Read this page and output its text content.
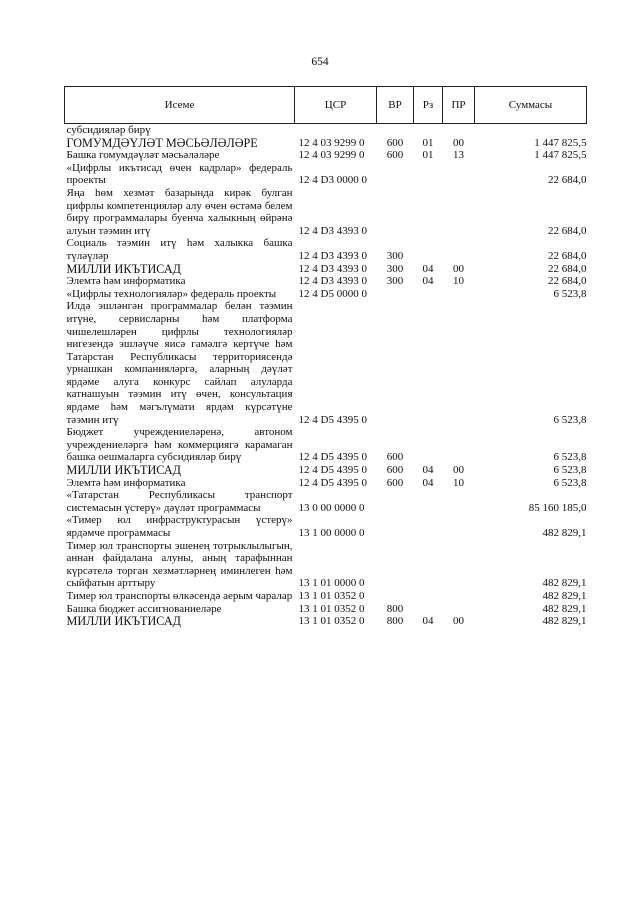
654
Исеме	ЦСР	ВР	Рз	ПР	Суммасы
субсидияләр бирү					
ГОМУМДӘҮЛӘТ МӘСЬӘЛӘЛӘРЕ	12 4 03 9299 0	600	01	00	1 447 825,5
Башка гомумдәүләт мәсьәләләре	12 4 03 9299 0	600	01	13	1 447 825,5
«Цифрлы икътисад өчен кадрлар» федераль проекты	12 4 D3 0000 0				22 684,0
Яңа һөм хезмәт базарында кирәк булган цифрлы компетенцияләр алу өчен өстәмә белем бирү программалары буенча халыкның өйрәнә алуын тәэмин итү	12 4 D3 4393 0				22 684,0
Социаль тәэмин итү һәм халыкка башка түләүләр	12 4 D3 4393 0	300			22 684,0
МИЛЛИ ИКЪТИСАД	12 4 D3 4393 0	300	04	00	22 684,0
Элемтә һәм информатика	12 4 D3 4393 0	300	04	10	22 684,0
«Цифрлы технологияләр» федераль проекты	12 4 D5 0000 0				6 523,8
Илдә эшләнгән программалар белән тәэмин итүне, сервисларны һәм платформа чишелешләрен цифрлы технологияләр нигезендә эшләүче яисә гамәлгә кертүче һәм Татарстан Республикасы территориясендә урнашкан компанияләргә, аларның дәүләт ярдәме алуга конкурс сайлап алуларда катнашуын тәэмин итү өчен, консультация ярдәме һәм мәгълүмати ярдәм күрсәтүне тәэмин итү	12 4 D5 4395 0				6 523,8
Бюджет учреждениеләренә, автоном учреждениеләргә һәм коммерциягә карамаган башка оешмаларга субсидияләр бирү	12 4 D5 4395 0	600			6 523,8
МИЛЛИ ИКЪТИСАД	12 4 D5 4395 0	600	04	00	6 523,8
Элемтә һәм информатика	12 4 D5 4395 0	600	04	10	6 523,8
«Татарстан Республикасы транспорт системасын үстерү» дәүләт программасы	13 0 00 0000 0				85 160 185,0
«Тимер юл инфраструктурасын үстерү» ярдәмче программасы	13 1 00 0000 0				482 829,1
Тимер юл транспорты эшенең тотрыклылыгын, аннан файдалана алуны, аның тарафыннан күрсәтелә торган хезмәтләрнең иминлеген һәм сыйфатын арттыру	13 1 01 0000 0				482 829,1
Тимер юл транспорты өлкәсендә аерым чаралар	13 1 01 0352 0				482 829,1
Башка бюджет ассигнованиеләре	13 1 01 0352 0	800			482 829,1
МИЛЛИ ИКЪТИСАД	13 1 01 0352 0	800	04	00	482 829,1
